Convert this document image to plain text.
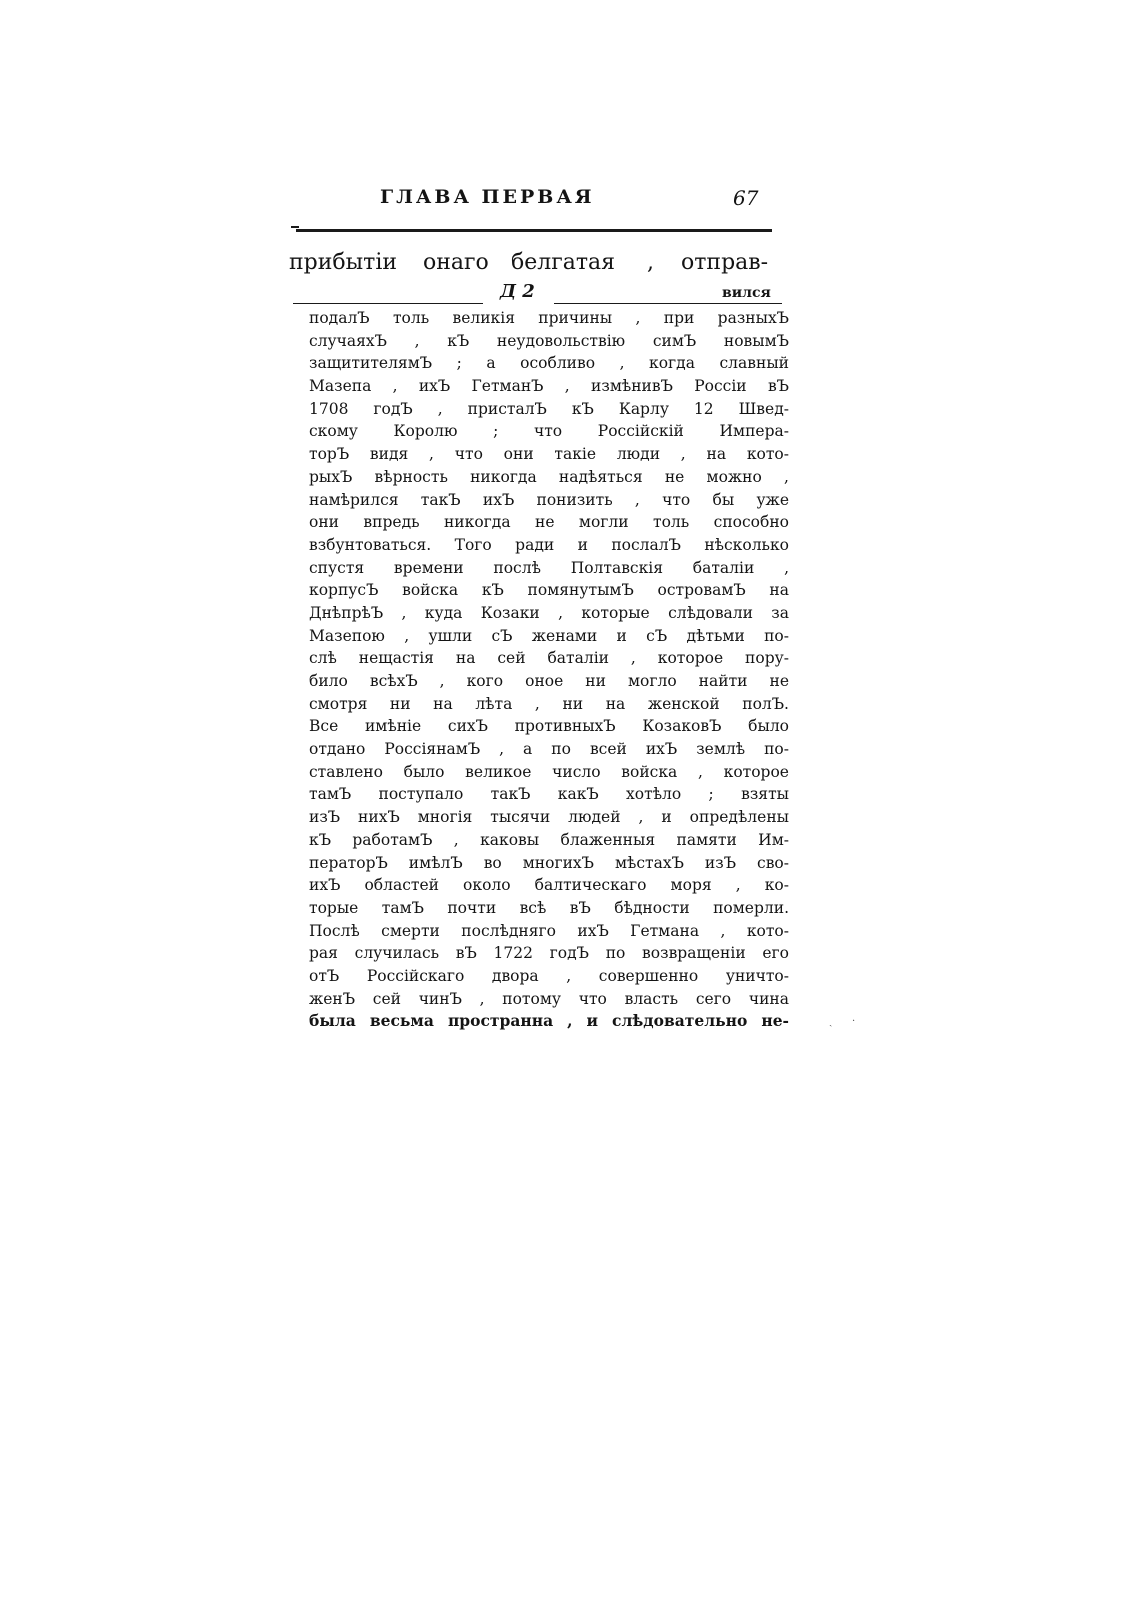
ГЛАВА ПЕРВАЯ	67
прибытіи онаго белгатая , отправ-
Д 2	вился
подалЪ толь великія причины , при разныхЪ
случаяхЪ , кЪ неудовольствію симЪ новымЪ
защитителямЪ ; а особливо , когда славный
Мазепа , ихЪ ГетманЪ , измѣнивЪ Россіи вЪ
1708 годЪ , присталЪ кЪ Карлу 12 Швед-
скому Королю ; что Россійскій Импера-
торЪ видя , что они такіе люди , на кото-
рыхЪ вѣрность никогда надѣяться не можно ,
намѣрился такЪ ихЪ понизить , что бы уже
они впредь никогда не могли толь способно
взбунтоваться. Того ради и послалЪ нѣсколько
спустя времени послѣ Полтавскія баталіи ,
корпусЪ войска кЪ помянутымЪ островамЪ на
ДнѣпрѣЪ , куда Козаки , которые слѣдовали за
Мазепою , ушли сЪ женами и сЪ дѣтьми по-
слѣ нещастія на сей баталіи , которое пору-
било всѣхЪ , кого оное ни могло найти не
смотря ни на лѣта , ни на женской полЪ.
Все имѣніе сихЪ противныхЪ КозаковЪ было
отдано РоссіянамЪ , а по всей ихЪ землѣ по-
ставлено было великое число войска , которое
тамЪ поступало такЪ какЪ хотѣло ; взяты
изЪ нихЪ многія тысячи людей , и опредѣлены
кЪ работамЪ , каковы блаженныя памяти Им-
ператорЪ имѣлЪ во многихЪ мѣстахЪ изЪ сво-
ихЪ областей около балтическаго моря , ко-
торые тамЪ почти всѣ вЪ бѣдности померли.
Послѣ смерти послѣдняго ихЪ Гетмана , кото-
рая случилась вЪ 1722 годЪ по возвращеніи его
отЪ Россійскаго двора , совершенно уничто-
женЪ сей чинЪ , потому что власть сего чина
была весьма пространна , и слѣдовательно не-	ˏ ·
